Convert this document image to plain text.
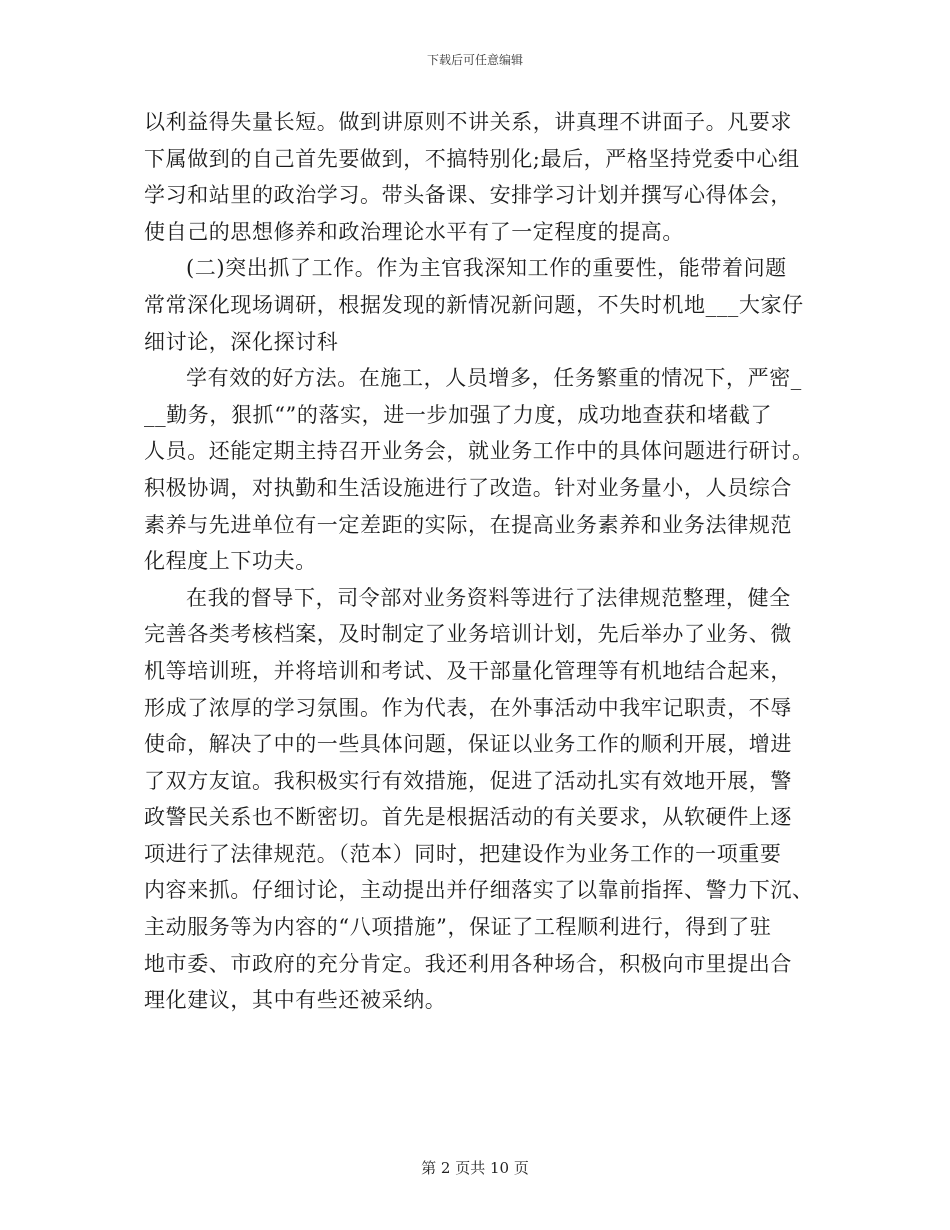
下载后可任意编辑

以利益得失量长短。做到讲原则不讲关系，讲真理不讲面子。凡要求
下属做到的自己首先要做到，不搞特别化;最后，严格坚持党委中心组
学习和站里的政治学习。带头备课、安排学习计划并撰写心得体会，
使自己的思想修养和政治理论水平有了一定程度的提高。

(二)突出抓了工作。作为主官我深知工作的重要性，能带着问题
常常深化现场调研，根据发现的新情况新问题，不失时机地___大家仔
细讨论，深化探讨科

学有效的好方法。在施工，人员增多，任务繁重的情况下，严密_
__勤务，狠抓“”的落实，进一步加强了力度，成功地查获和堵截了
人员。还能定期主持召开业务会，就业务工作中的具体问题进行研讨。
积极协调，对执勤和生活设施进行了改造。针对业务量小，人员综合
素养与先进单位有一定差距的实际，在提高业务素养和业务法律规范
化程度上下功夫。

在我的督导下，司令部对业务资料等进行了法律规范整理，健全
完善各类考核档案，及时制定了业务培训计划，先后举办了业务、微
机等培训班，并将培训和考试、及干部量化管理等有机地结合起来，
形成了浓厚的学习氛围。作为代表，在外事活动中我牢记职责，不辱
使命，解决了中的一些具体问题，保证以业务工作的顺利开展，增进
了双方友谊。我积极实行有效措施，促进了活动扎实有效地开展，警
政警民关系也不断密切。首先是根据活动的有关要求，从软硬件上逐
项进行了法律规范。（范本）同时，把建设作为业务工作的一项重要
内容来抓。仔细讨论，主动提出并仔细落实了以靠前指挥、警力下沉、
主动服务等为内容的“八项措施”，保证了工程顺利进行，得到了驻
地市委、市政府的充分肯定。我还利用各种场合，积极向市里提出合
理化建议，其中有些还被采纳。

第 2 页共 10 页
